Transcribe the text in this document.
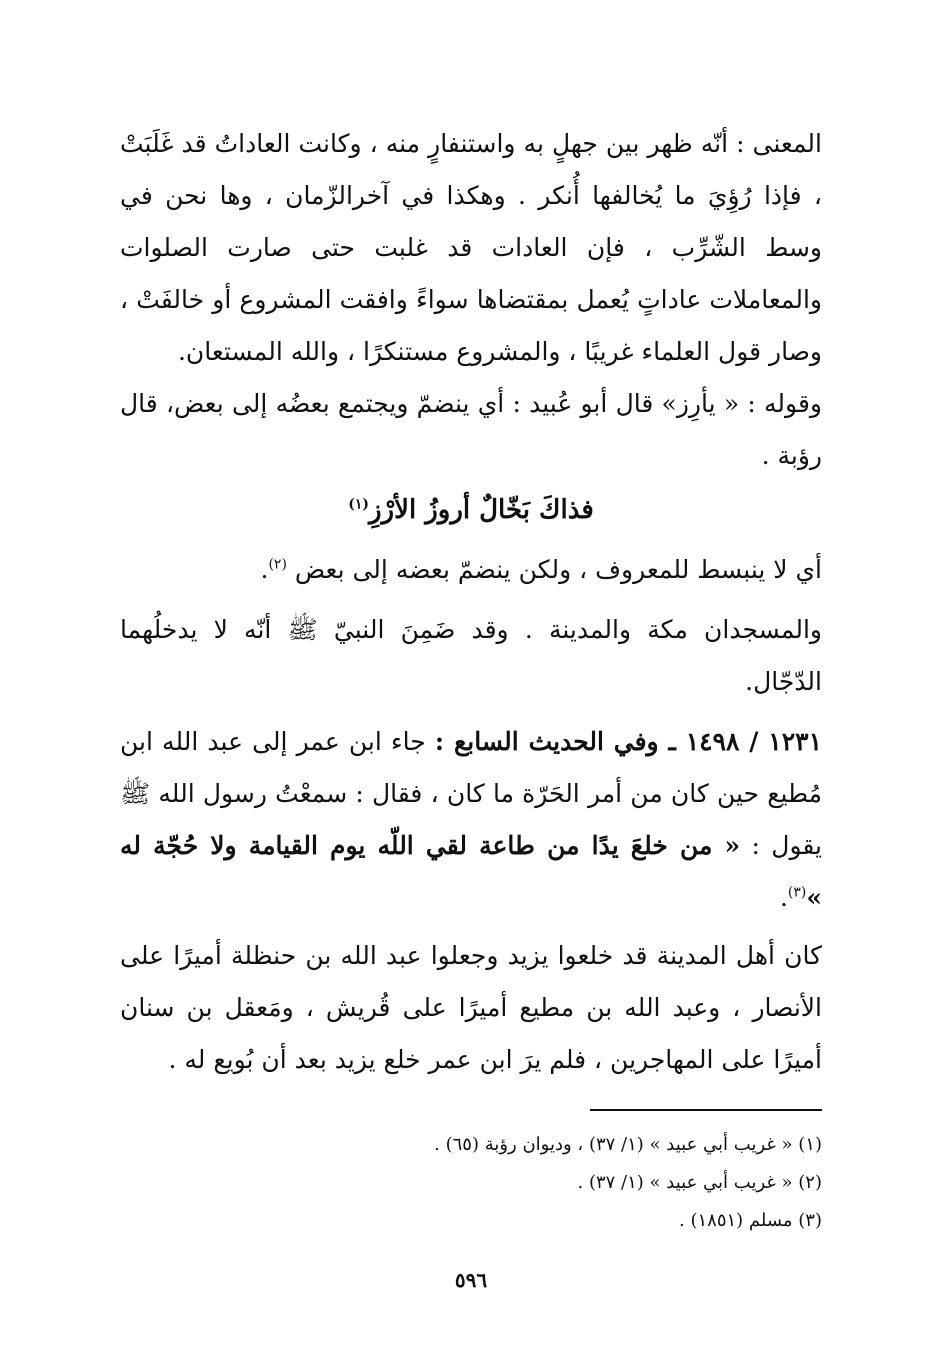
المعنى : أنّه ظهر بين جهلٍ به واستنفارٍ منه ، وكانت العاداتُ قد غَلَبَتْ ، فإذا رُؤِيَ ما يُخالفها أُنكر . وهكذا في آخرالزّمان ، وها نحن في وسط الشّرِّب ، فإن العادات قد غلبت حتى صارت الصلوات والمعاملات عاداتٍ يُعمل بمقتضاها سواءً وافقت المشروع أو خالفَتْ ، وصار قول العلماء غريبًا ، والمشروع مستنكرًا ، والله المستعان.
وقوله : « يأرِز» قال أبو عُبيد : أي ينضمّ ويجتمع بعضُه إلى بعض، قال رؤبة .
فذاكَ بَخّالٌ أروزُ الأرْزِ$^{(١)}$
أي لا ينبسط للمعروف ، ولكن ينضمّ بعضه إلى بعض $^{(٢)}$.
والمسجدان مكة والمدينة . وقد ضَمِنَ النبيّ ﷺ أنّه لا يدخلُهما الدّجّال.
١٢٣١ / ١٤٩٨ ـ وفي الحديث السابع : جاء ابن عمر إلى عبد الله ابن مُطيع حين كان من أمر الحَرّة ما كان ، فقال : سمعْتُ رسول الله ﷺ يقول : « من خلعَ يدًا من طاعة لقي اللّه يوم القيامة ولا حُجّة له »$^{(٣)}$.
كان أهل المدينة قد خلعوا يزيد وجعلوا عبد الله بن حنظلة أميرًا على الأنصار ، وعبد الله بن مطيع أميرًا على قُريش ، ومَعقل بن سنان أميرًا على المهاجرين ، فلم يرَ ابن عمر خلع يزيد بعد أن بُويع له .
(١) « غريب أبي عبيد » (١/ ٣٧) ، وديوان رؤبة (٦٥) .
(٢) « غريب أبي عبيد » (١/ ٣٧) .
(٣) مسلم (١٨٥١) .
٥٩٦
